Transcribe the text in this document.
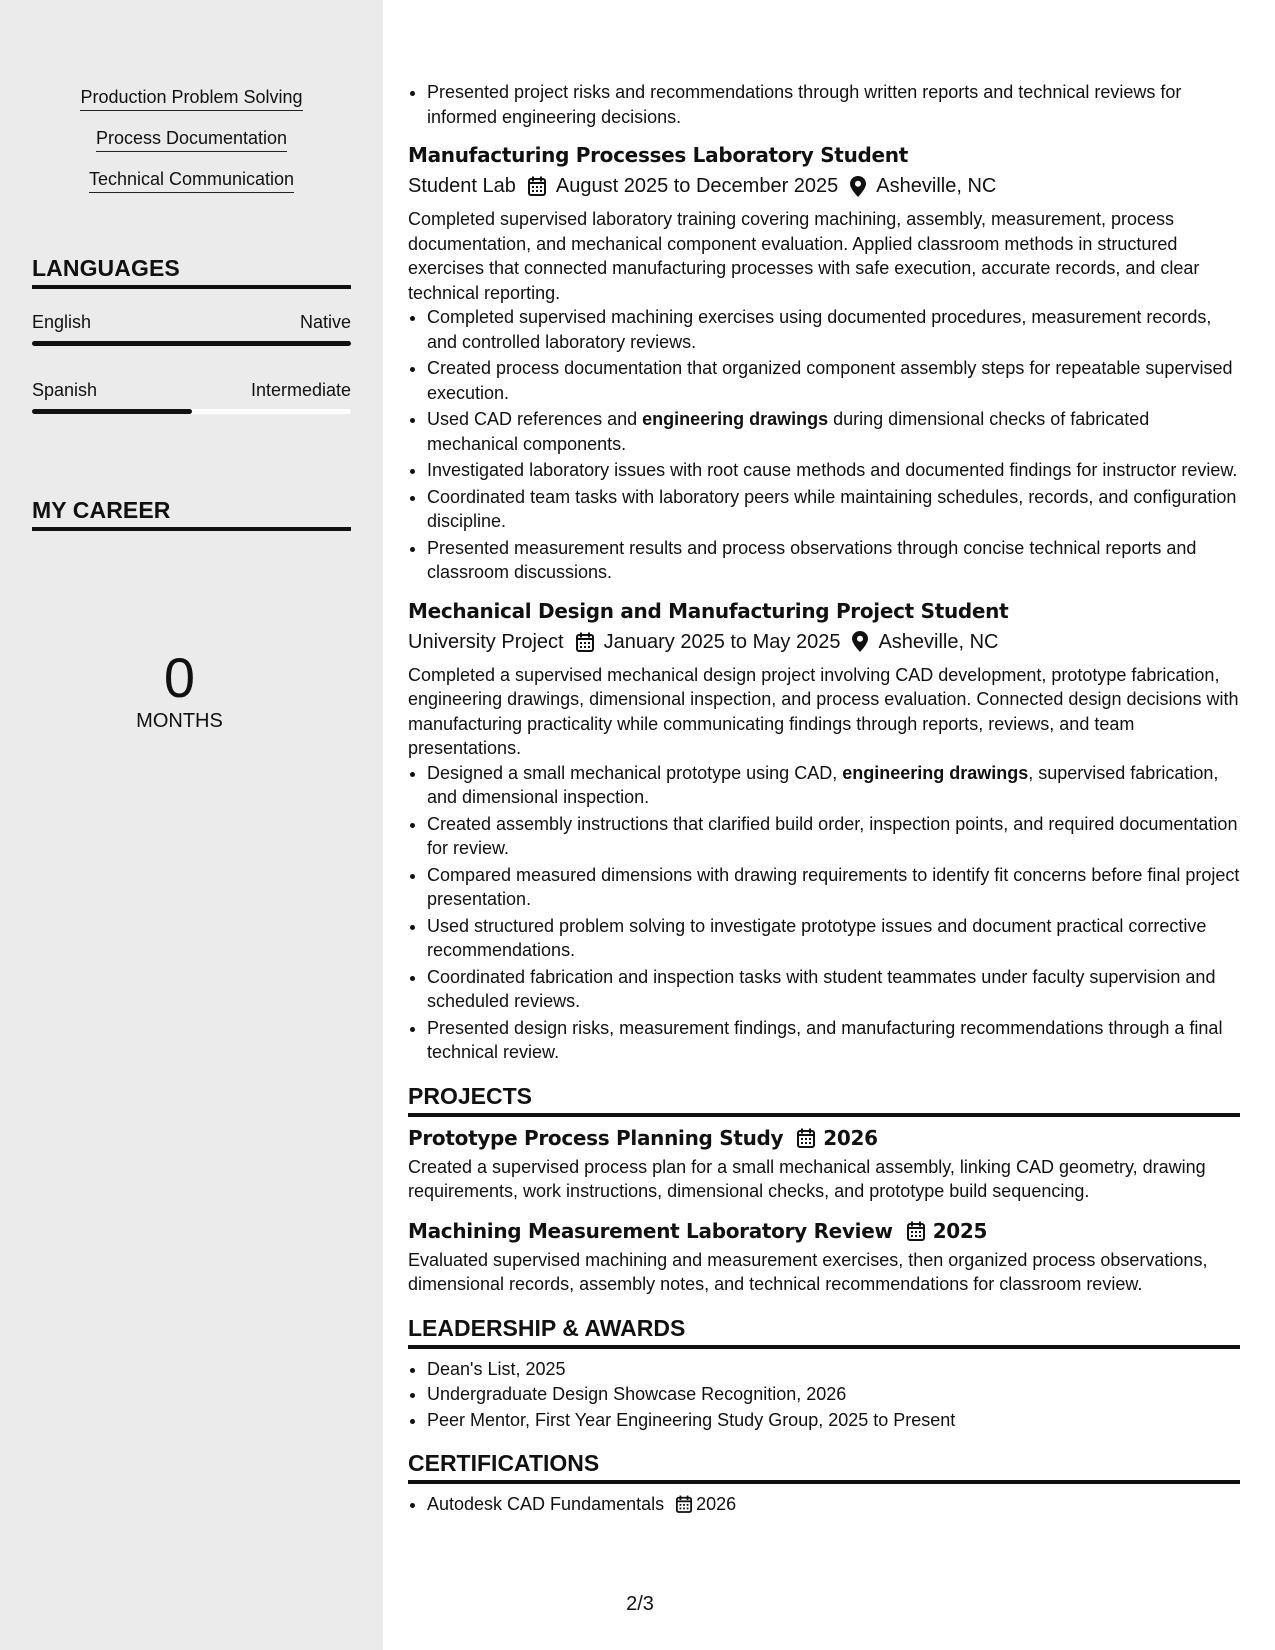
Production Problem Solving
Process Documentation
Technical Communication
LANGUAGES
English	Native
Spanish	Intermediate
MY CAREER
0
MONTHS
• Presented project risks and recommendations through written reports and technical reviews for informed engineering decisions.
Manufacturing Processes Laboratory Student
Student Lab August 2025 to December 2025 Asheville, NC

Completed supervised laboratory training covering machining, assembly, measurement, process documentation, and mechanical component evaluation. Applied classroom methods in structured exercises that connected manufacturing processes with safe execution, accurate records, and clear technical reporting.

• Completed supervised machining exercises using documented procedures, measurement records, and controlled laboratory reviews.
• Created process documentation that organized component assembly steps for repeatable supervised execution.
• Used CAD references and engineering drawings during dimensional checks of fabricated mechanical components.
• Investigated laboratory issues with root cause methods and documented findings for instructor review.
• Coordinated team tasks with laboratory peers while maintaining schedules, records, and configuration discipline.
• Presented measurement results and process observations through concise technical reports and classroom discussions.
Mechanical Design and Manufacturing Project Student
University Project January 2025 to May 2025 Asheville, NC

Completed a supervised mechanical design project involving CAD development, prototype fabrication, engineering drawings, dimensional inspection, and process evaluation. Connected design decisions with manufacturing practicality while communicating findings through reports, reviews, and team presentations.

• Designed a small mechanical prototype using CAD, engineering drawings, supervised fabrication, and dimensional inspection.
• Created assembly instructions that clarified build order, inspection points, and required documentation for review.
• Compared measured dimensions with drawing requirements to identify fit concerns before final project presentation.
• Used structured problem solving to investigate prototype issues and document practical corrective recommendations.
• Coordinated fabrication and inspection tasks with student teammates under faculty supervision and scheduled reviews.
• Presented design risks, measurement findings, and manufacturing recommendations through a final technical review.
PROJECTS
Prototype Process Planning Study 2026

Created a supervised process plan for a small mechanical assembly, linking CAD geometry, drawing requirements, work instructions, dimensional checks, and prototype build sequencing.

Machining Measurement Laboratory Review 2025

Evaluated supervised machining and measurement exercises, then organized process observations, dimensional records, assembly notes, and technical recommendations for classroom review.

LEADERSHIP & AWARDS
• Dean's List, 2025
• Undergraduate Design Showcase Recognition, 2026
• Peer Mentor, First Year Engineering Study Group, 2025 to Present
CERTIFICATIONS
• Autodesk CAD Fundamentals 2026
2/3
